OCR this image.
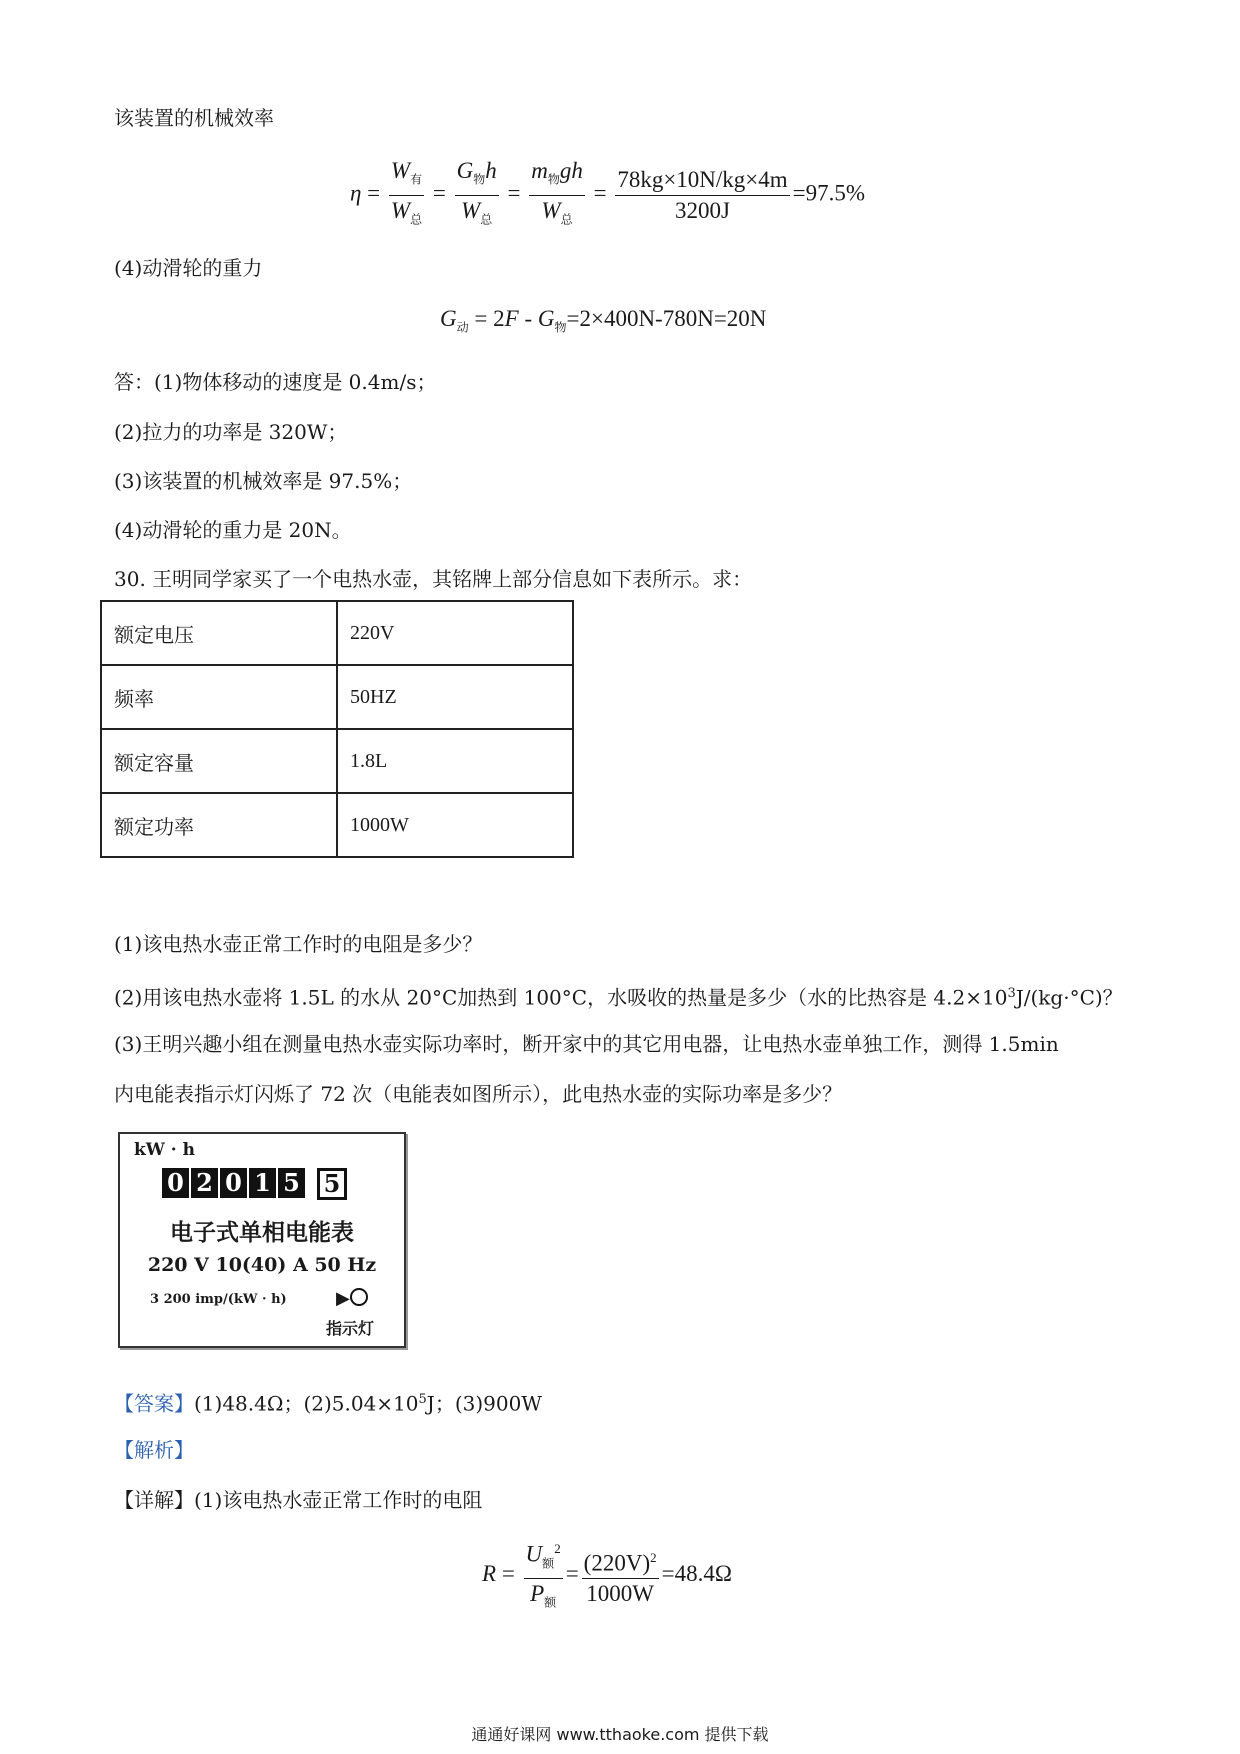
该装置的机械效率
$\eta = \frac{W_有}{W_总} = \frac{G_物h}{W_总} = \frac{m_物gh}{W_总} = \frac{78kg\times 10N/kg\times 4m}{3200J} =97.5\%$
(4)动滑轮的重力
$G_动 = 2F - G_物=2\times 400N-780N=20N$
答：(1)物体移动的速度是 0.4m/s；
(2)拉力的功率是 320W；
(3)该装置的机械效率是 97.5%；
(4)动滑轮的重力是 20N。
30. 王明同学家买了一个电热水壶，其铭牌上部分信息如下表所示。求：
额定电压	220V
频率	50HZ
额定容量	1.8L
额定功率	1000W
(1)该电热水壶正常工作时的电阻是多少？
(2)用该电热水壶将 1.5L 的水从 20°C加热到 100°C，水吸收的热量是多少（水的比热容是 $4.2\times 10^3J/(kg\cdot^\circ C)$？
(3)王明兴趣小组在测量电热水壶实际功率时，断开家中的其它用电器，让电热水壶单独工作，测得 1.5min
内电能表指示灯闪烁了 72 次（电能表如图所示），此电热水壶的实际功率是多少？
kW · h
0 2 0 1 5 5
电子式单相电能表
220 V 10(40) A 50 Hz
3 200 imp/(kW · h)	▶
指示灯
【答案】(1)48.4Ω；$(2)5.04\times 10^5J$；(3)900W
【解析】
【详解】(1)该电热水壶正常工作时的电阻
$R = \frac{U_额^2}{P_额} = \frac{(220V)^2}{1000W} =48.4\Omega$
通通好课网 www.tthaoke.com 提供下载
